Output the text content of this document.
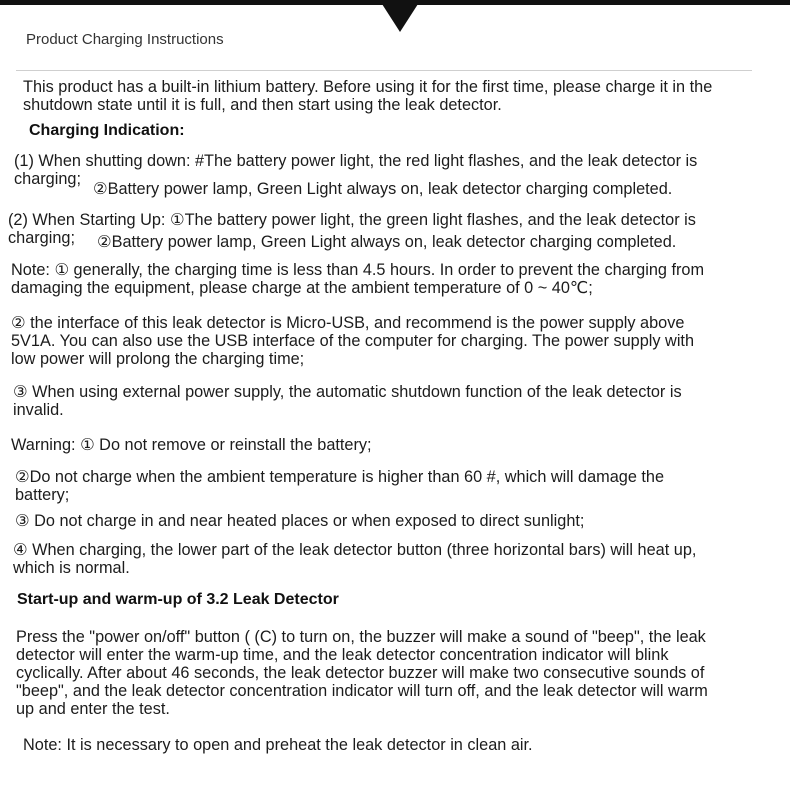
Product Charging Instructions

This product has a built-in lithium battery. Before using it for the first time, please charge it in the

shutdown state until it is full, and then start using the leak detector.

Charging Indication:

(1) When shutting down: #The battery power light, the red light flashes, and the leak detector is

charging;

②Battery power lamp, Green Light always on, leak detector charging completed.

(2) When Starting Up: ①The battery power light, the green light flashes, and the leak detector is

charging; ②Battery power lamp, Green Light always on, leak detector charging completed.

Note: ① generally, the charging time is less than 4.5 hours. In order to prevent the charging from

damaging the equipment, please charge at the ambient temperature of 0 ~ 40℃;

② the interface of this leak detector is Micro-USB, and recommend is the power supply above

5V1A. You can also use the USB interface of the computer for charging. The power supply with

low power will prolong the charging time;

③ When using external power supply, the automatic shutdown function of the leak detector is

invalid.

Warning: ① Do not remove or reinstall the battery;

②Do not charge when the ambient temperature is higher than 60 #, which will damage the

battery;

③ Do not charge in and near heated places or when exposed to direct sunlight;

④ When charging, the lower part of the leak detector button (three horizontal bars) will heat up,

which is normal.

Start-up and warm-up of 3.2 Leak Detector

Press the "power on/off" button ( (C) to turn on, the buzzer will make a sound of "beep", the leak

detector will enter the warm-up time, and the leak detector concentration indicator will blink

cyclically. After about 46 seconds, the leak detector buzzer will make two consecutive sounds of

"beep", and the leak detector concentration indicator will turn off, and the leak detector will warm

up and enter the test.

Note: It is necessary to open and preheat the leak detector in clean air.
